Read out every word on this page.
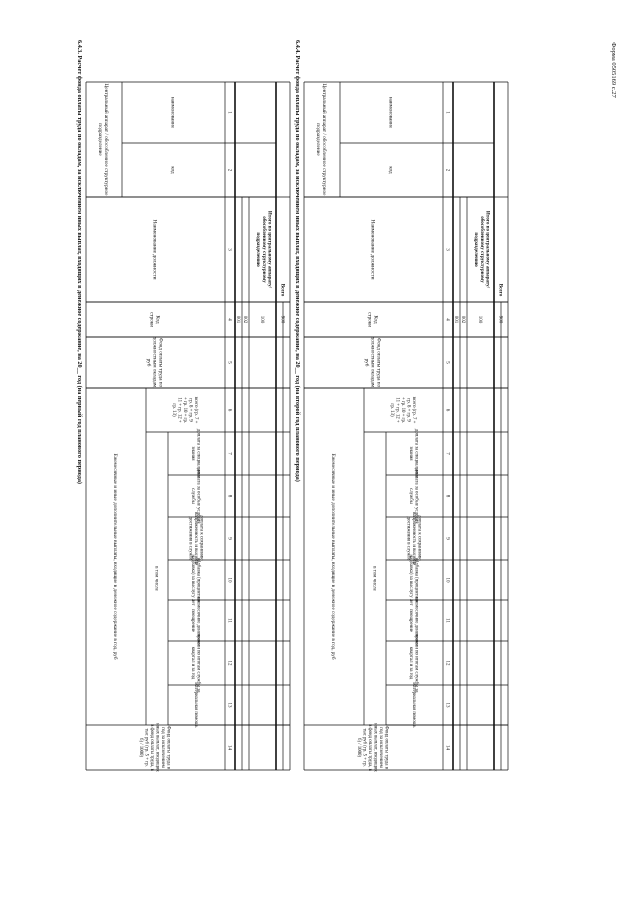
Форма 0505169 с.27
6.4.3. Расчет фонда оплаты труда по окладам, за исключением иных выплат, входящих в денежное содержание, на 20__ год (на первый год планового периода)	Центральный аппарат / обособленное структурноеподразделение
наименование
код
Наименование должности
Кодстроки
Фонд оплаты труда подолжностным окладам,руб
Ежемесячные и иные дополнительные выплаты, входящие в денежное содержание в год, руб
всего (гр. 7 +гр. 8 + гр. 9+ гр. 10 + гр.11 + гр. 12 +гр. 13)
в том числе
доплата за специальныезнания
доплата за особые условияслужбы
доплата к сохранению,напряженность и высокиедостижения в службе
надбавка (процентнаянадбавка) за выслугу лет
ежемесячное денежноепоощрение
премии по итогам службы заквартал и за год
материальная помощь
Фонд оплаты труда вгод за исключениеминых выплат, входящихв фонд оплаты труда, втыс руб (гр. 5 + гр.6) / 1000)
1
2
3
4
5
6
7
8
9
10
11
12
13
14
001 002
Итого по центральному аппарату/обособленному структурномуподразделению
100
Всего
900 6.4.4. Расчет фонда оплаты труда по окладам, за исключением иных выплат, входящих в денежное содержание, на 20__ год (на второй год планового периода)	Центральный аппарат / обособленное структурноеподразделение
наименование
код
Наименование должности
Кодстроки
Фонд оплаты труда подолжностным окладам,руб
Ежемесячные и иные дополнительные выплаты, входящие в денежное содержание в год, руб
всего (гр. 7 +гр. 8 + гр. 9+ гр. 10 + гр.11 + гр. 12 +гр. 13)
в том числе
доплата за специальныезнания
доплата за особые условияслужбы
доплата к сохранению,напряженность и высокиедостижения в службе
надбавка (процентнаянадбавка) за выслугу лет
ежемесячное денежноепоощрение
премии по итогам службы заквартал и за год
материальная помощь
Фонд оплаты труда вгод за исключениеминых выплат, входящихв фонд оплаты труда, втыс руб (гр. 5 + гр.6) / 1000)
1
2
3
4
5
6
7
8
9
10
11
12
13
14
001 002
Итого по центральному аппарату/обособленному структурномуподразделению
100
Всего
900
